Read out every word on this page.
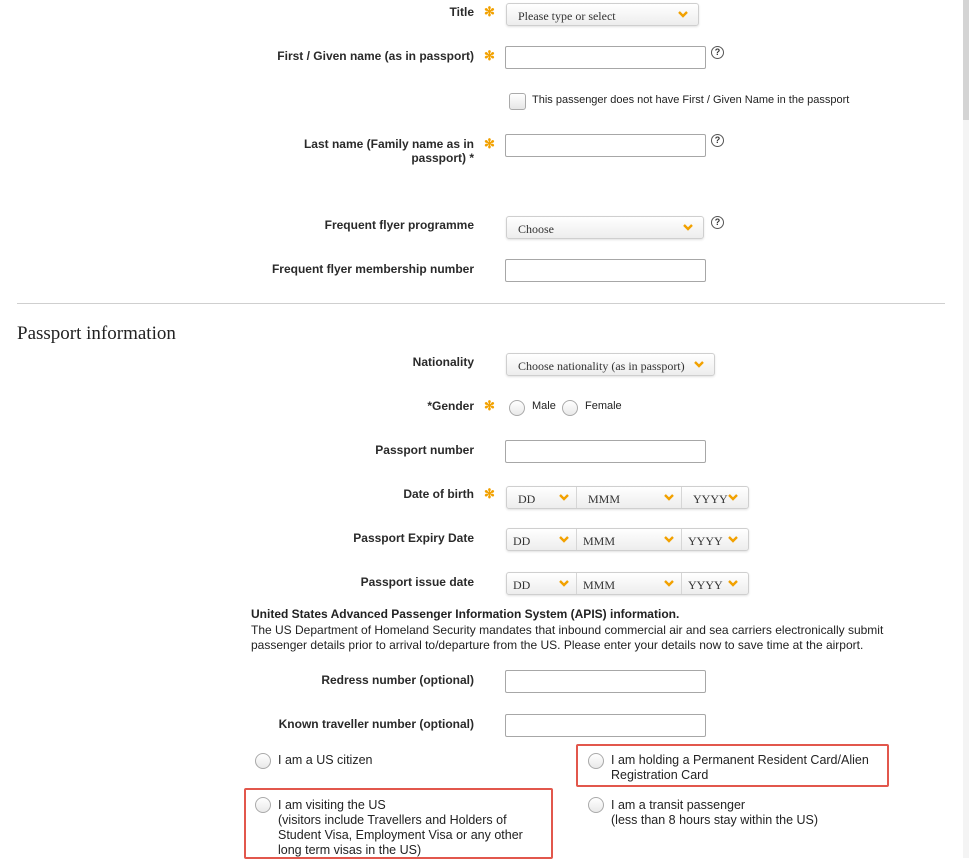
Title ✻ Please type or select
First / Given name (as in passport) ✻	?
This passenger does not have First / Given Name in the passport
Last name (Family name as in
passport) *
✻	?
Frequent flyer programme	Choose	?
Frequent flyer membership number
Passport information
Nationality	Choose nationality (as in passport)
*Gender ✻	Male	Female
Passport number
Date of birth ✻ DD	MMM	YYYY
Passport Expiry Date	DD	MMM	YYYY
Passport issue date	DD	MMM	YYYY
United States Advanced Passenger Information System (APIS) information.
The US Department of Homeland Security mandates that inbound commercial air and sea carriers electronically submit passenger details prior to arrival to/departure from the US. Please enter your details now to save time at the airport.
Redress number (optional)
Known traveller number (optional)
I am a US citizen	I am holding a Permanent Resident Card/Alien
Registration Card
I am visiting the US
(visitors include Travellers and Holders of
Student Visa, Employment Visa or any other
long term visas in the US)
I am a transit passenger
(less than 8 hours stay within the US)
